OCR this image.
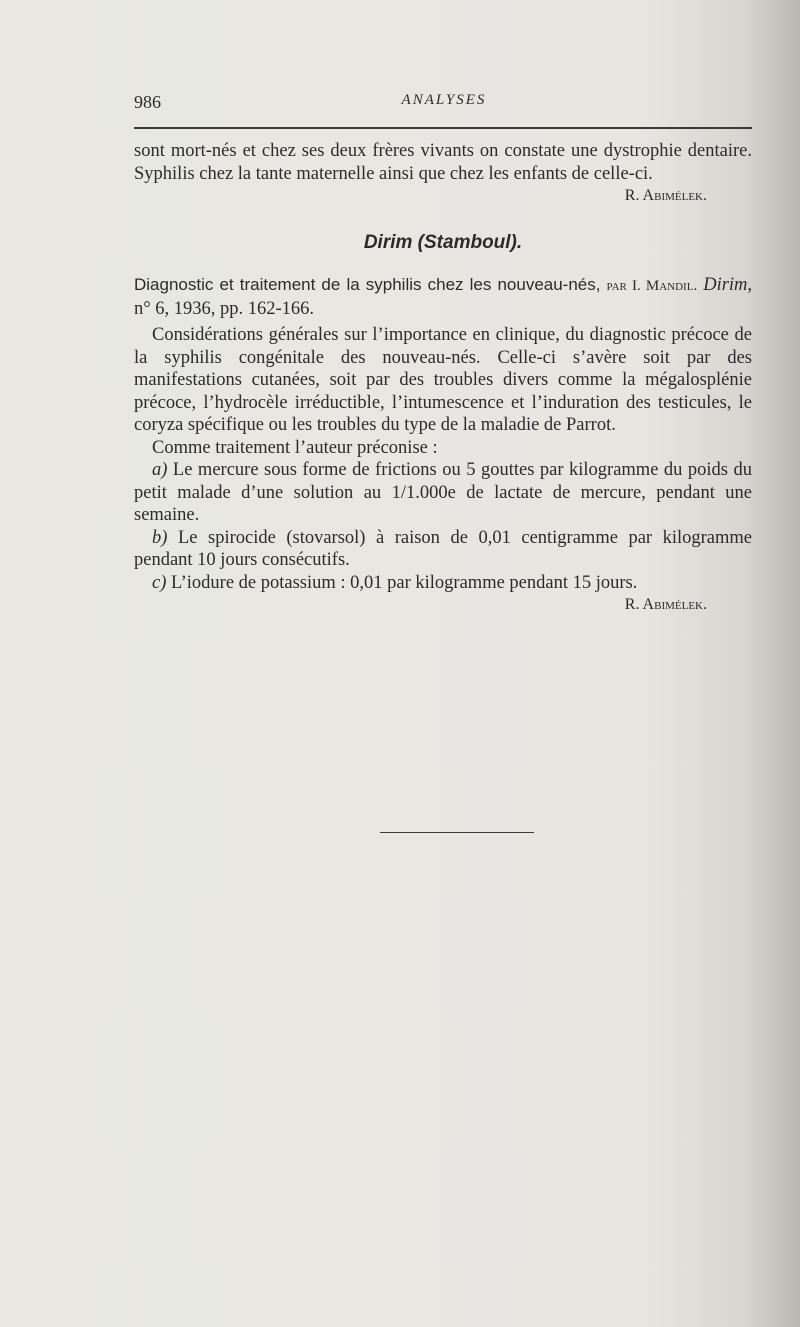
986	ANALYSES

sont mort-nés et chez ses deux frères vivants on constate une dystrophie dentaire. Syphilis chez la tante maternelle ainsi que chez les enfants de celle-ci.

R. Abimélek.

Dirim (Stamboul).

Diagnostic et traitement de la syphilis chez les nouveau-nés, par I. Mandil. Dirim, n° 6, 1936, pp. 162-166.

Considérations générales sur l’importance en clinique, du diagnostic précoce de la syphilis congénitale des nouveau-nés. Celle-ci s’avère soit par des manifestations cutanées, soit par des troubles divers comme la mégalosplénie précoce, l’hydrocèle irréductible, l’intumescence et l’induration des testicules, le coryza spécifique ou les troubles du type de la maladie de Parrot.

Comme traitement l’auteur préconise :

a) Le mercure sous forme de frictions ou 5 gouttes par kilogramme du poids du petit malade d’une solution au 1/1.000e de lactate de mercure, pendant une semaine.

b) Le spirocide (stovarsol) à raison de 0,01 centigramme par kilogramme pendant 10 jours consécutifs.

c) L’iodure de potassium : 0,01 par kilogramme pendant 15 jours.

R. Abimélek.
